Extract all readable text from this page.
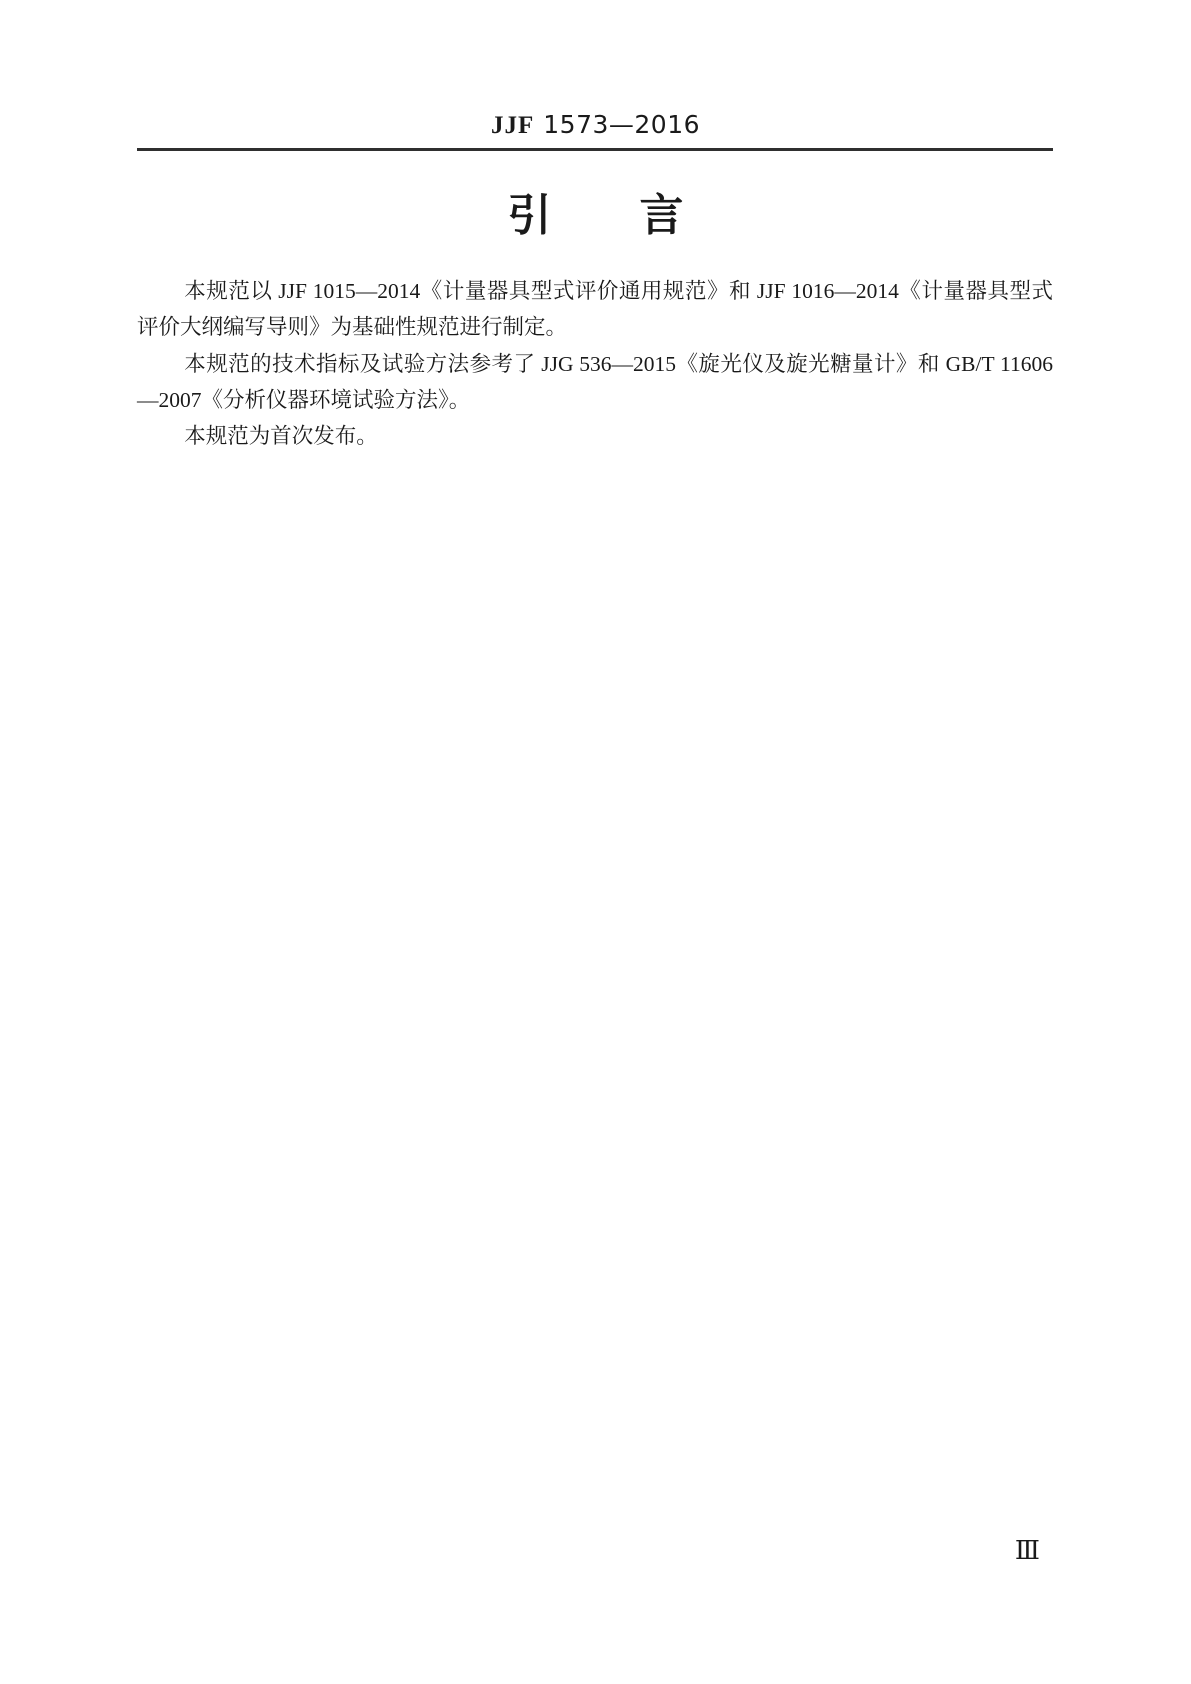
JJF 1573—2016
引　　言

本规范以 JJF 1015—2014《计量器具型式评价通用规范》和 JJF 1016—2014《计量器具型式评价大纲编写导则》为基础性规范进行制定。

本规范的技术指标及试验方法参考了 JJG 536—2015《旋光仪及旋光糖量计》和 GB/T 11606—2007《分析仪器环境试验方法》。

本规范为首次发布。

Ⅲ
